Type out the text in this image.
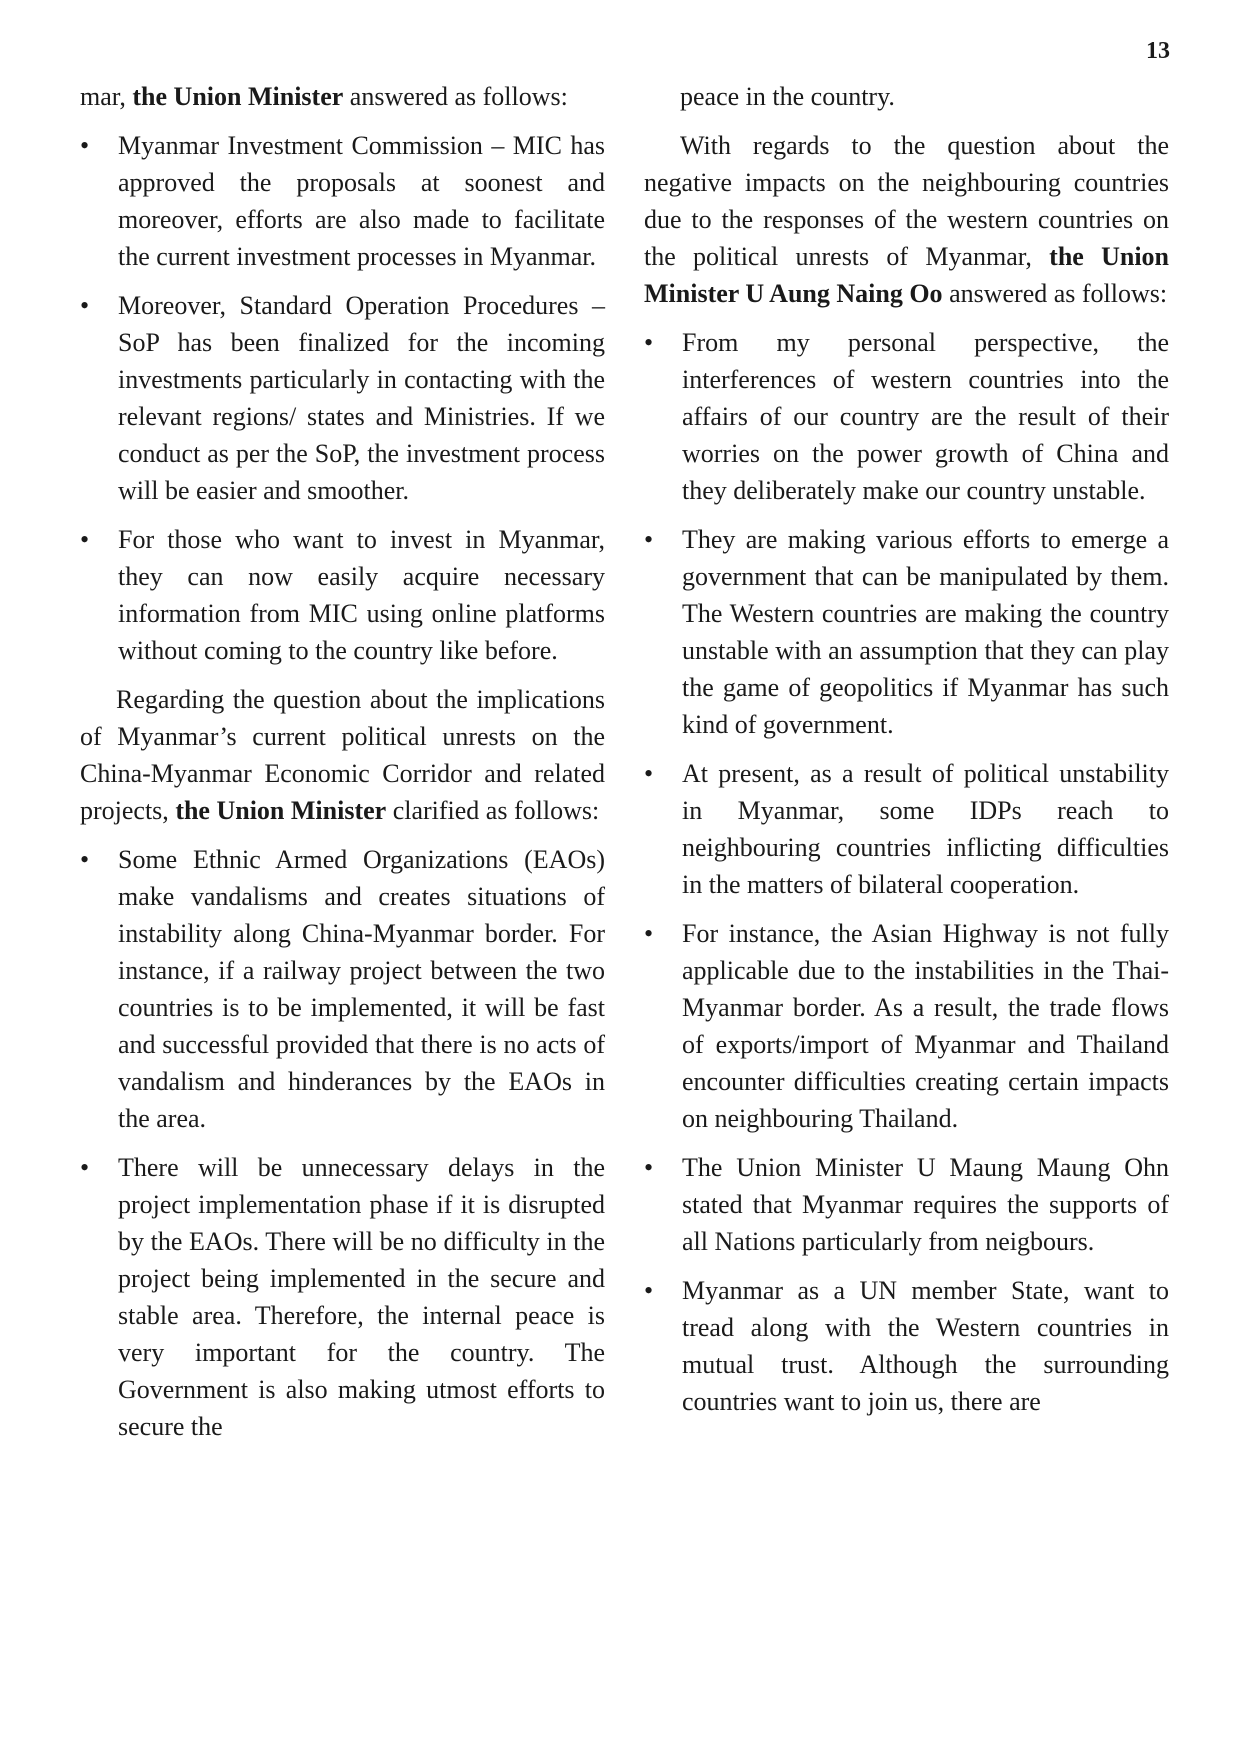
13

mar, the Union Minister answered as follows:

•	Myanmar Investment Commission – MIC has approved the proposals at soonest and moreover, efforts are also made to facilitate the current investment processes in Myanmar.
•	Moreover, Standard Operation Procedures – SoP has been finalized for the incoming investments particularly in contacting with the relevant regions/ states and Ministries. If we conduct as per the SoP, the investment process will be easier and smoother.
•	For those who want to invest in Myanmar, they can now easily acquire necessary information from MIC using online platforms without coming to the country like before.

Regarding the question about the implications of Myanmar’s current political unrests on the China-Myanmar Economic Corridor and related projects, the Union Minister clarified as follows:

•	Some Ethnic Armed Organizations (EAOs) make vandalisms and creates situations of instability along China-Myanmar border. For instance, if a railway project between the two countries is to be implemented, it will be fast and successful provided that there is no acts of vandalism and hinderances by the EAOs in the area.
•	There will be unnecessary delays in the project implementation phase if it is disrupted by the EAOs. There will be no difficulty in the project being implemented in the secure and stable area. Therefore, the internal peace is very important for the country. The Government is also making utmost efforts to secure the

peace in the country.

With regards to the question about the negative impacts on the neighbouring countries due to the responses of the western countries on the political unrests of Myanmar, the Union Minister U Aung Naing Oo answered as follows:

•	From my personal perspective, the interferences of western countries into the affairs of our country are the result of their worries on the power growth of China and they deliberately make our country unstable.
•	They are making various efforts to emerge a government that can be manipulated by them. The Western countries are making the country unstable with an assumption that they can play the game of geopolitics if Myanmar has such kind of government.
•	At present, as a result of political unstability in Myanmar, some IDPs reach to neighbouring countries inflicting difficulties in the matters of bilateral cooperation.
•	For instance, the Asian Highway is not fully applicable due to the instabilities in the Thai-Myanmar border. As a result, the trade flows of exports/import of Myanmar and Thailand encounter difficulties creating certain impacts on neighbouring Thailand.
•	The Union Minister U Maung Maung Ohn stated that Myanmar requires the supports of all Nations particularly from neigbours.
•	Myanmar as a UN member State, want to tread along with the Western countries in mutual trust. Although the surrounding countries want to join us, there are
